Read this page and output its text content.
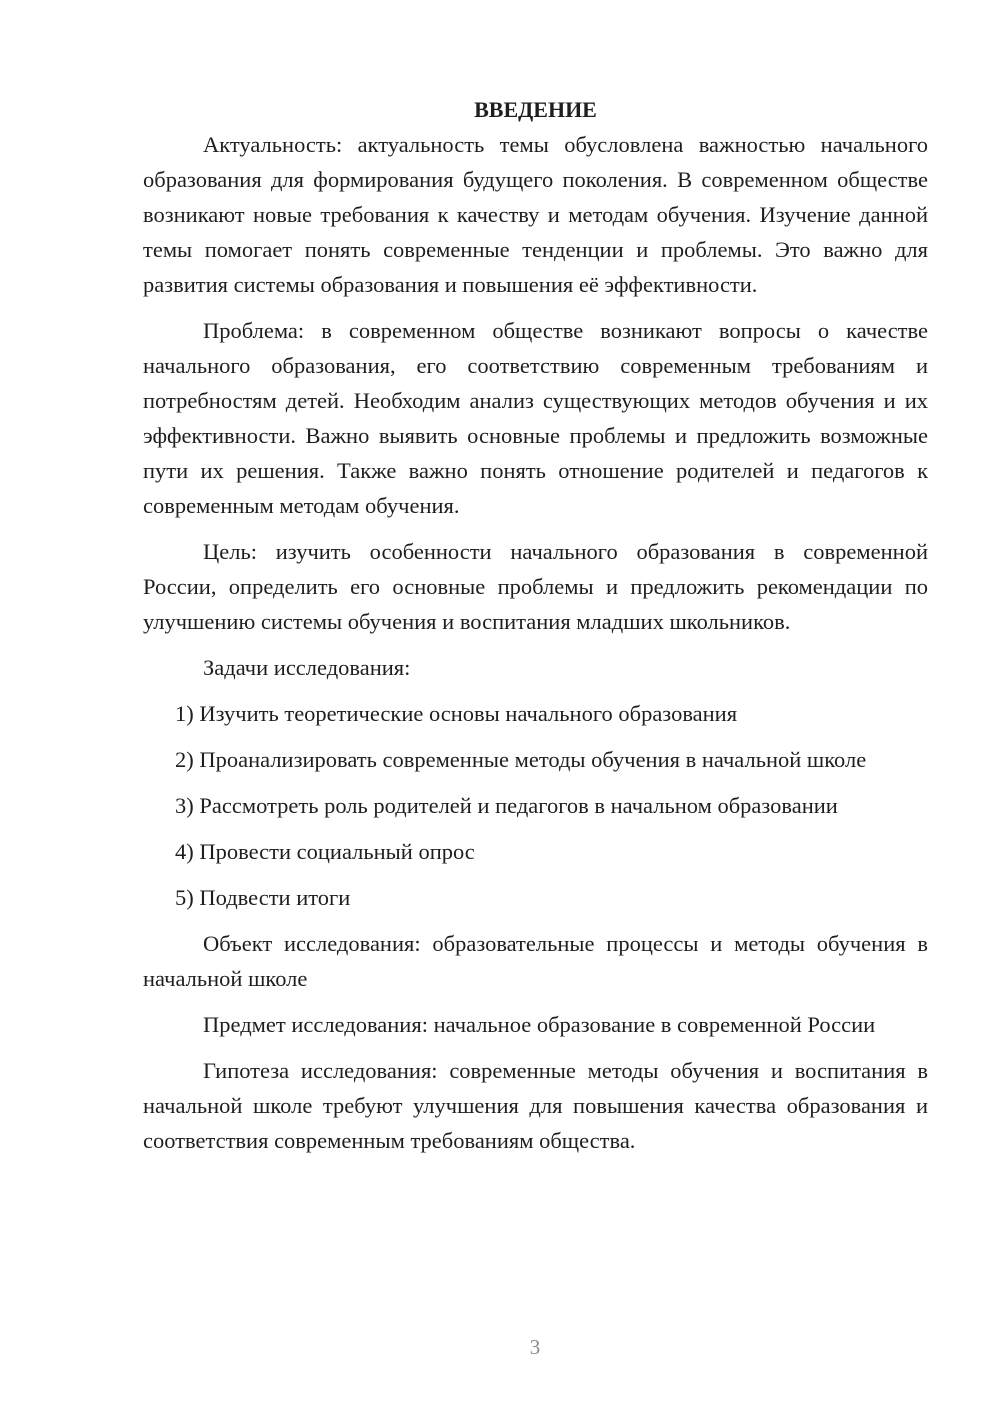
ВВЕДЕНИЕ

Актуальность: актуальность темы обусловлена важностью начального образования для формирования будущего поколения. В современном обществе возникают новые требования к качеству и методам обучения. Изучение данной темы помогает понять современные тенденции и проблемы. Это важно для развития системы образования и повышения её эффективности.

Проблема: в современном обществе возникают вопросы о качестве начального образования, его соответствию современным требованиям и потребностям детей. Необходим анализ существующих методов обучения и их эффективности. Важно выявить основные проблемы и предложить возможные пути их решения. Также важно понять отношение родителей и педагогов к современным методам обучения.

Цель: изучить особенности начального образования в современной России, определить его основные проблемы и предложить рекомендации по улучшению системы обучения и воспитания младших школьников.

Задачи исследования:

1) Изучить теоретические основы начального образования

2) Проанализировать современные методы обучения в начальной школе

3) Рассмотреть роль родителей и педагогов в начальном образовании

4) Провести социальный опрос

5) Подвести итоги

Объект исследования: образовательные процессы и методы обучения в начальной школе

Предмет исследования: начальное образование в современной России

Гипотеза исследования: современные методы обучения и воспитания в начальной школе требуют улучшения для повышения качества образования и соответствия современным требованиям общества.

3
